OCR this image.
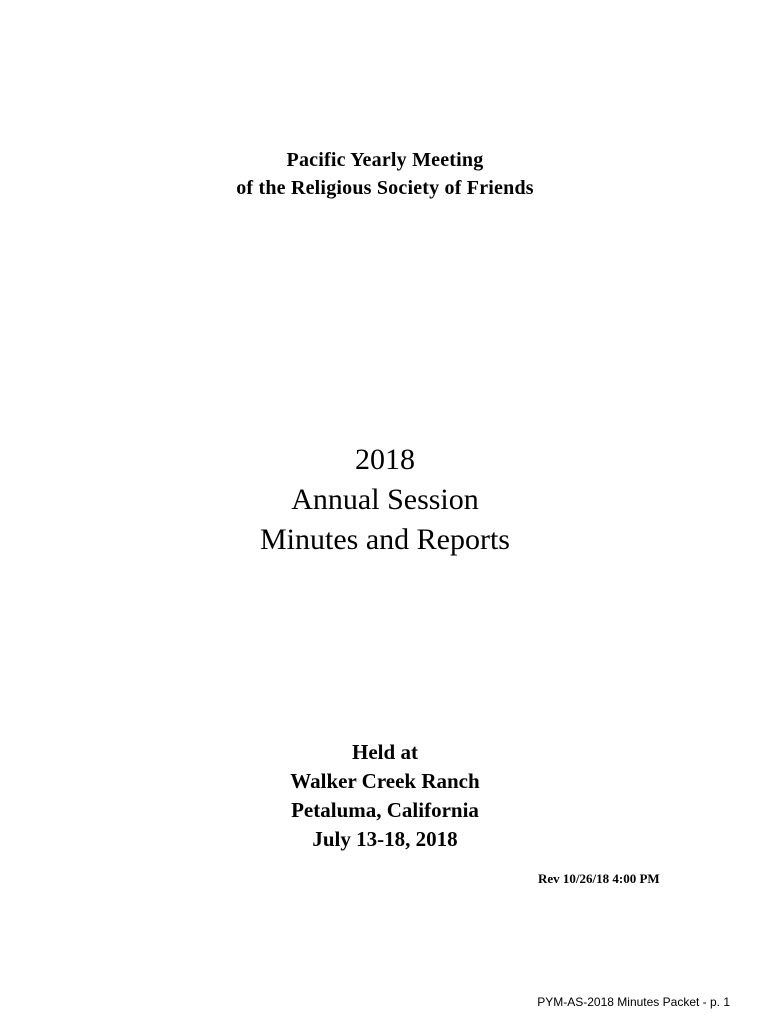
Pacific Yearly Meeting
of the Religious Society of Friends
2018
Annual Session
Minutes and Reports
Held at
Walker Creek Ranch
Petaluma, California
July 13-18, 2018
Rev 10/26/18 4:00 PM
PYM-AS-2018 Minutes Packet - p. 1
